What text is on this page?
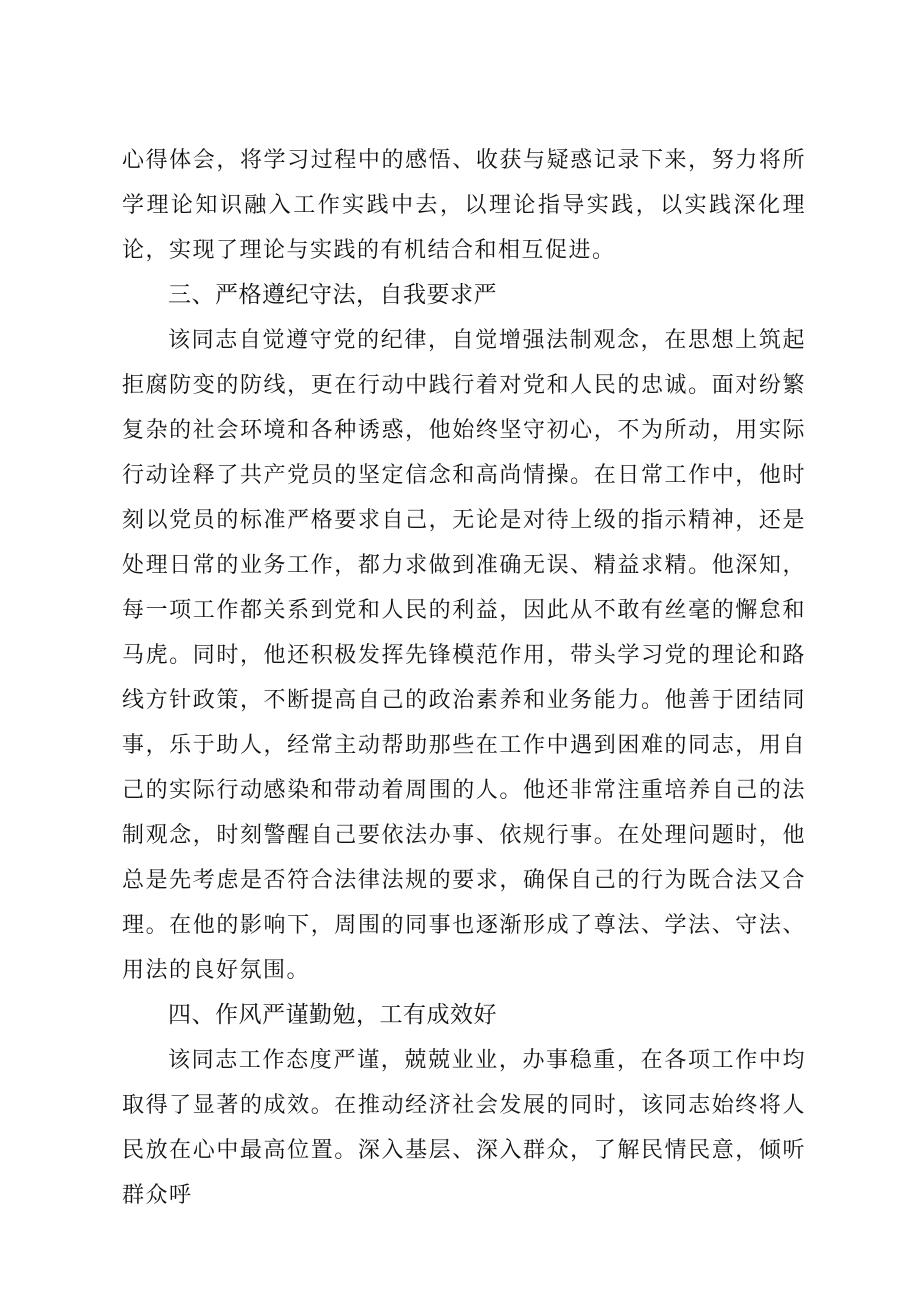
心得体会，将学习过程中的感悟、收获与疑惑记录下来，努力将所学理论知识融入工作实践中去，以理论指导实践，以实践深化理论，实现了理论与实践的有机结合和相互促进。

三、严格遵纪守法，自我要求严

该同志自觉遵守党的纪律，自觉增强法制观念，在思想上筑起拒腐防变的防线，更在行动中践行着对党和人民的忠诚。面对纷繁复杂的社会环境和各种诱惑，他始终坚守初心，不为所动，用实际行动诠释了共产党员的坚定信念和高尚情操。在日常工作中，他时刻以党员的标准严格要求自己，无论是对待上级的指示精神，还是处理日常的业务工作，都力求做到准确无误、精益求精。他深知，每一项工作都关系到党和人民的利益，因此从不敢有丝毫的懈怠和马虎。同时，他还积极发挥先锋模范作用，带头学习党的理论和路线方针政策，不断提高自己的政治素养和业务能力。他善于团结同事，乐于助人，经常主动帮助那些在工作中遇到困难的同志，用自己的实际行动感染和带动着周围的人。他还非常注重培养自己的法制观念，时刻警醒自己要依法办事、依规行事。在处理问题时，他总是先考虑是否符合法律法规的要求，确保自己的行为既合法又合理。在他的影响下，周围的同事也逐渐形成了尊法、学法、守法、用法的良好氛围。

四、作风严谨勤勉，工有成效好

该同志工作态度严谨，兢兢业业，办事稳重，在各项工作中均取得了显著的成效。在推动经济社会发展的同时，该同志始终将人民放在心中最高位置。深入基层、深入群众，了解民情民意，倾听群众呼
